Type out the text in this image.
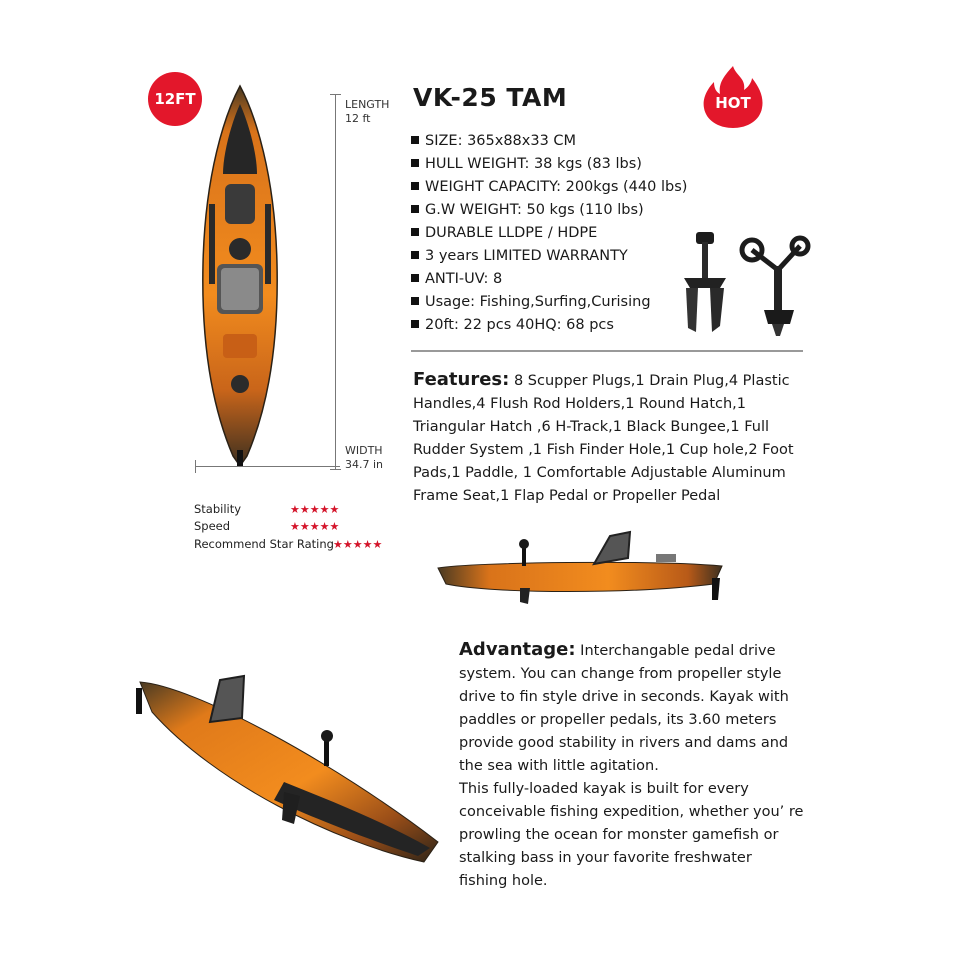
12FT	HOT
LENGTH
12 ft
WIDTH
34.7 in
VK-25 TAM
SIZE: 365x88x33 CM
HULL WEIGHT: 38 kgs (83 lbs)
WEIGHT CAPACITY: 200kgs (440 lbs)
G.W WEIGHT: 50 kgs (110 lbs)
DURABLE LLDPE / HDPE
3 years LIMITED WARRANTY
ANTI-UV: 8
Usage: Fishing,Surfing,Curising
20ft: 22 pcs 40HQ: 68 pcs
Features: 8 Scupper Plugs,1 Drain Plug,4 Plastic Handles,4 Flush Rod Holders,1 Round Hatch,1 Triangular Hatch ,6 H-Track,1 Black Bungee,1 Full Rudder System ,1 Fish Finder Hole,1 Cup hole,2 Foot Pads,1 Paddle, 1 Comfortable Adjustable Aluminum Frame Seat,1 Flap Pedal or Propeller Pedal
Stability	★★★★★
Speed	★★★★★
Recommend Star Rating ★★★★★
Advantage: Interchangable pedal drive system. You can change from propeller style drive to fin style drive in seconds. Kayak with paddles or propeller pedals, its 3.60 meters provide good stability in rivers and dams and the sea with little agitation.
This fully-loaded kayak is built for every conceivable fishing expedition, whether you’ re prowling the ocean for monster gamefish or stalking bass in your favorite freshwater fishing hole.
